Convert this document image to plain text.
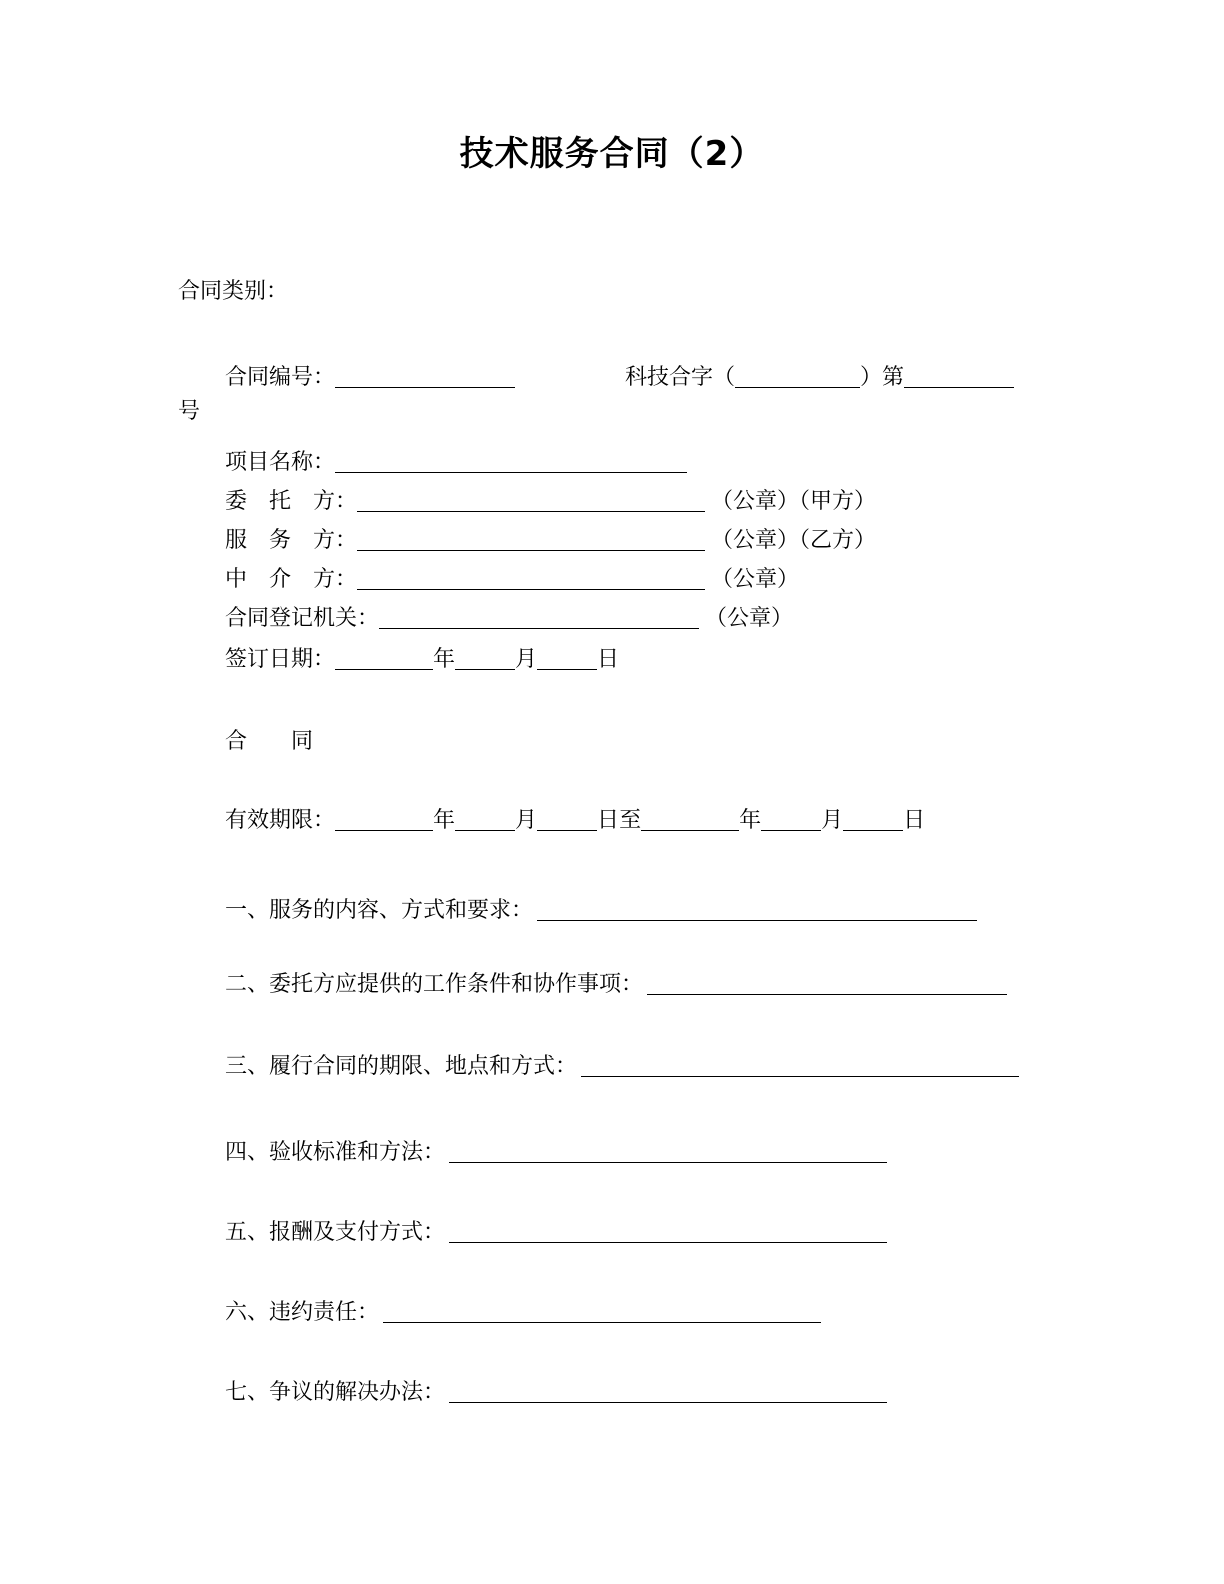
技术服务合同（2）
合同类别：
合同编号：	科技合字（	）第
号
项目名称：
委　托　方：	（公章）（甲方）
服　务　方：	（公章）（乙方）
中　介　方：	（公章）
合同登记机关：	（公章）
签订日期：	年	月	日
合　　同
有效期限：	年	月	日至	年	月	日
一、服务的内容、方式和要求：
二、委托方应提供的工作条件和协作事项：
三、履行合同的期限、地点和方式：
四、验收标准和方法：
五、报酬及支付方式：
六、违约责任：
七、争议的解决办法：
